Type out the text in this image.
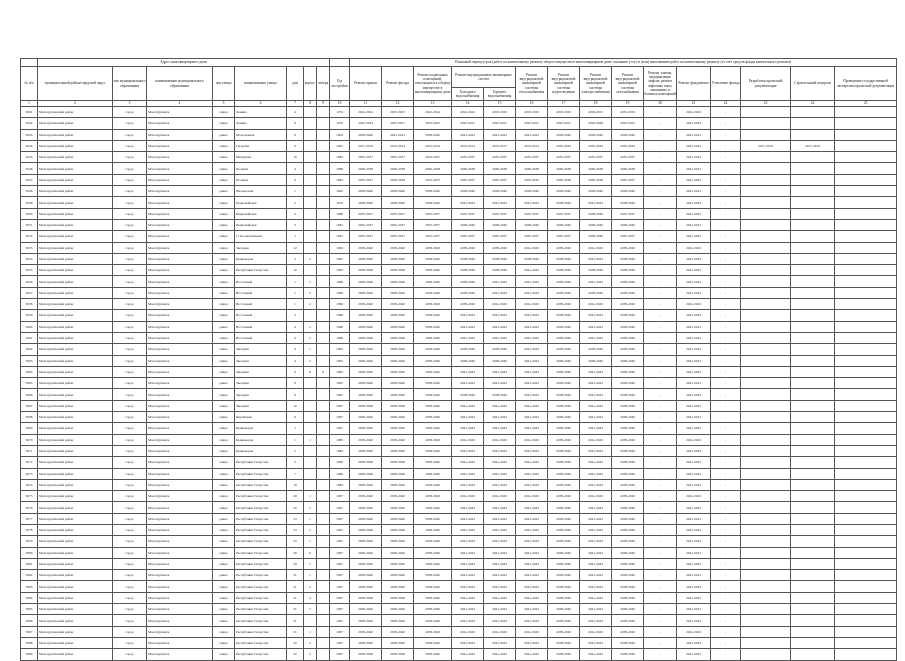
	Адрес многоквартирного дома									Плановый период (срок) работ по капитальному ремонту общего имущества в многоквартирном доме, оказанию услуг и (или) выполнению работ по капитальному ремонту (за счёт средств фонда капитального ремонта)														
№ п/п	муниципальный район/городской округ	тип муниципального образования	наименование муниципального образования	тип улицы	наименование улицы	дом	корпус	литера	Год постройки	Ремонт крыши	Ремонт фасада	Ремонт подвальных помещений, относящихся к общему имуществу в многоквартирном доме	Ремонт внутридомовых инженерных систем		Ремонт внутридомовой инженерной системы теплоснабжения	Ремонт внутридомовой инженерной системы водоотведения	Ремонт внутридомовой инженерной системы электроснабжения	Ремонт внутридомовой инженерной системы газоснабжения	Ремонт, замена, модернизация лифтов, ремонт лифтовых шахт, машинных и блочных помещений	Ремонт фундамента	Утепление фасада	Разработка проектной документации	Строительный контроль	Проведение государственной экспертизы проектной документации
													Холодного водоснабжения	Горячего водоснабжения										
1	2	3	4	5	6	7	8	9	10	11	12	13	14	15	16	17	18	19	20	21	22	23	24	25
5691	Малопургинский район	город	Малопургинск	улица	Ленина	4			1974	2022-2024	2023-2025	2022-2024	2022-2024	2023-2025	2023-2025	2023-2025	2029-2031	2032-2034	-	2041-2043	-			
5642	Малопургинский район	город	Малопургинск	улица	Ленина	9			1970	2022-2024	2025-2027	2023-2025	2025-2027	2025-2027	2025-2027	2025-2027	2026-2028	2023-2025	-	2041-2043	-			
5643	Малопургинский район	город	Малопургинск	улица	Молодежная	9			1994	2038-2040	2041-2043	2038-2040	2041-2043	2041-2043	2041-2043	2038-2040	2038-2040	2038-2040	-	2041-2043	-			
5644	Малопургинский район	город	Малопургинск	улица	Гагарина	6			1967	2017-2019	2012-2014	2012-2014	2012-2014	2015-2017	2012-2014	2032-2034	2032-2034	2032-2034	-	2041-2043	-	2017-2019	2017-2019	
5645	Малопургинский район	город	Малопургинск	улица	Мичурина	10			1983	2035-2037	2035-2037	2035-2037	2035-2037	2035-2037	2035-2037	2035-2037	2035-2037	2035-2037	-	2041-2043	-			
5646	Малопургинский район	город	Малопургинск	улица	Полевая	4			1988	2036-2038	2036-2038	2036-2038	2036-2038	2036-2038	2036-2038	2036-2038	2036-2038	2036-2038	-	2041-2043	-			
5647	Малопургинский район	город	Малопургинск	улица	Полевая	6			1982	2035-2037	2036-2038	2033-2035	2035-2037	2035-2037	2033-2035	2036-2038	2036-2038	2035-2037	-	2041-2043	-			
5648	Малопургинский район	город	Малопургинск	улица	Пионерская	1			1992	2038-2040	2038-2040	2038-2040	2038-2040	2038-2040	2038-2040	2038-2040	2038-2040	2038-2040	-	2041-2043	-			
5649	Малопургинский район	город	Малопургинск	улица	Первомайская	2			1979	2038-2040	2038-2040	2038-2040	2041-2043	2041-2043	2041-2043	2038-2040	2041-2043	2038-2040	-	2041-2043	-			
5650	Малопургинский район	город	Малопургинск	улица	Первомайская	2			1980	2035-2037	2035-2037	2035-2037	2035-2037	2035-2037	2035-2037	2035-2037	2038-2040	2035-2037	-	2041-2043	-			
5651	Малопургинский район	город	Малопургинск	улица	Первомайская	3			1981	2035-2037	2035-2037	2035-2037	2038-2040	2038-2040	2038-2040	2038-2040	2038-2040	2038-2040	-	2041-2043	-			
5652	Малопургинский район	город	Малопургинск	улица	11 Кооперативная	1			1991	2035-2037	2035-2037	2035-2037	2035-2037	2035-2037	2035-2037	2035-2037	2038-2040	2035-2037	-	2041-2043	-			
5653	Малопургинский район	город	Малопургинск	улица	Звездная	12			1994	2038-2040	2038-2040	2038-2040	2038-2040	2038-2040	2041-2043	2038-2040	2041-2043	2038-2040	-	2041-2043	-			
5654	Малопургинский район	город	Малопургинск	улица	Кривокорая	3	2		1995	2038-2040	2038-2040	2038-2040	2038-2040	2038-2040	2038-2040	2038-2040	2041-2043	2038-2040	-	2041-2043	-			
5655	Малопургинский район	город	Малопургинск	улица	Республики Татарстан	10			1995	2038-2040	2038-2040	2038-2040	2038-2040	2038-2040	2041-2043	2038-2040	2038-2040	2038-2040	-	2041-2043	-			
5656	Малопургинский район	город	Малопургинск	улица	Восточный	1	1		1996	2038-2040	2038-2040	2038-2040	2038-2040	2041-2043	2041-2043	2038-2040	2041-2043	2038-2040	-	2041-2043	-			
5657	Малопургинский район	город	Малопургинск	улица	Восточный	1	2		1996	2038-2040	2038-2040	2038-2040	2038-2040	2041-2043	2041-2043	2038-2040	2038-2040	2038-2040	-	2041-2043	-			
5658	Малопургинский район	город	Малопургинск	улица	Восточный	1	2		1996	2038-2040	2038-2040	2038-2040	2038-2040	2041-2043	2041-2043	2038-2040	2041-2043	2038-2040	-	2041-2043	-			
5659	Малопургинский район	город	Малопургинск	улица	Восточный	3			1998	2038-2040	2038-2040	2038-2040	2041-2043	2041-2043	2041-2043	2038-2040	2041-2043	2038-2040	-	2041-2043	-			
5660	Малопургинский район	город	Малопургинск	улица	Восточный	4	2		1996	2038-2040	2038-2040	2038-2040	2041-2043	2041-2043	2041-2043	2038-2040	2041-2043	2038-2040	-	2041-2043	-			
5661	Малопургинский район	город	Малопургинск	улица	Восточный	4	2		1996	2038-2040	2038-2040	2038-2040	2041-2043	2041-2043	2041-2043	2038-2040	2041-2043	2038-2040	-	2041-2043	-			
5662	Малопургинский район	город	Малопургинск	улица	Звездная	4	1		1993	2038-2040	2038-2040	2038-2040	2038-2040	2038-2040	2041-2043	2038-2040	2038-2040	2038-2040	-	2041-2043	-			
5663	Малопургинский район	город	Малопургинск	улица	Звездная	4	2		1993	2038-2040	2038-2040	2038-2040	2038-2040	2038-2040	2041-2043	2038-2040	2038-2040	2038-2040	-	2041-2043	-			
5664	Малопургинский район	город	Малопургинск	улица	Звездная	6	8	9	1995	2038-2040	2038-2040	2038-2040	2041-2043	2041-2043	2041-2043	2038-2040	2041-2043	2038-2040	-	2041-2043	-			
5665	Малопургинский район	город	Малопургинск	улица	Звездная	8			1995	2038-2040	2038-2040	2038-2040	2041-2043	2041-2043	2041-2043	2038-2040	2041-2043	2038-2040	-	2041-2043	-			
5666	Малопургинский район	город	Малопургинск	улица	Звездная	8			1995	2038-2040	2038-2040	2038-2040	2038-2040	2038-2040	2041-2043	2038-2040	2041-2043	2038-2040	-	2041-2043	-			
5667	Малопургинский район	город	Малопургинск	улица	Звездная	10			1997	2038-2040	2038-2040	2038-2040	2041-2043	2041-2043	2041-2043	2038-2040	2041-2043	2038-2040	-	2041-2043	-			
5668	Малопургинский район	город	Малопургинск	улица	Кирпичная	6			1997	2038-2040	2038-2040	2038-2040	2041-2043	2041-2043	2041-2043	2038-2040	2041-2043	2038-2040	-	2041-2043	-			
5669	Малопургинский район	город	Малопургинск	улица	Кривокорая	1			1997	2038-2040	2038-2040	2038-2040	2041-2043	2041-2043	2041-2043	2038-2040	2041-2043	2038-2040	-	2041-2043	-			
5670	Малопургинский район	город	Малопургинск	улица	Кривокорая	1	1		1985	2038-2040	2038-2040	2038-2040	2041-2043	2041-2043	2041-2043	2038-2040	2041-2043	2038-2040	-	2041-2043	-			
5671	Малопургинский район	город	Малопургинск	улица	Кривокорая	5			1984	2038-2040	2038-2040	2038-2040	2041-2043	2041-2043	2041-2043	2038-2040	2041-2043	2038-2040	-	2041-2043	-			
5672	Малопургинский район	город	Малопургинск	улица	Республики Татарстан	5			1990	2038-2040	2038-2040	2038-2040	2041-2043	2041-2043	2041-2043	2038-2040	2041-2043	2038-2040	-	2041-2043	-			
5673	Малопургинский район	город	Малопургинск	улица	Республики Татарстан	7			1986	2038-2040	2038-2040	2038-2040	2041-2043	2041-2043	2041-2043	2038-2040	2041-2043	2038-2040	-	2041-2043	-			
5674	Малопургинский район	город	Малопургинск	улица	Республики Татарстан	19			1984	2038-2040	2038-2040	2038-2040	2041-2043	2041-2043	2041-2043	2038-2040	2041-2043	2038-2040	-	2041-2043	-			
5675	Малопургинский район	город	Малопургинск	улица	Республики Татарстан	20	1		1997	2038-2040	2038-2040	2038-2040	2041-2043	2041-2043	2041-2043	2038-2040	2041-2043	2038-2040	-	2041-2043	-			
5676	Малопургинский район	город	Малопургинск	улица	Республики Татарстан	20	2		1997	2038-2040	2038-2040	2038-2040	2041-2043	2041-2043	2041-2043	2038-2040	2041-2043	2038-2040	-	2041-2043	-			
5677	Малопургинский район	город	Малопургинск	улица	Республики Татарстан	23	1		1997	2038-2040	2038-2040	2038-2040	2041-2043	2041-2043	2041-2043	2038-2040	2041-2043	2038-2040	-	2041-2043	-			
5678	Малопургинский район	город	Малопургинск	улица	Республики Татарстан	23	2		1997	2038-2040	2038-2040	2038-2040	2041-2043	2041-2043	2041-2043	2038-2040	2041-2043	2038-2040	-	2041-2043	-			
5679	Малопургинский район	город	Малопургинск	улица	Республики Татарстан	25	1		1997	2038-2040	2038-2040	2038-2040	2041-2043	2041-2043	2041-2043	2038-2040	2041-2043	2038-2040	-	2041-2043	-			
5680	Малопургинский район	город	Малопургинск	улица	Республики Татарстан	29	6		1997	2038-2040	2038-2040	2038-2040	2041-2043	2041-2043	2041-2043	2038-2040	2041-2043	2038-2040	-	2041-2043	-			
5681	Малопургинский район	город	Малопургинск	улица	Республики Татарстан	29	7		1997	2038-2040	2038-2040	2038-2040	2041-2043	2041-2043	2041-2043	2038-2040	2041-2043	2038-2040	-	2041-2043	-			
5682	Малопургинский район	город	Малопургинск	улица	Республики Татарстан	31	1		1997	2038-2040	2038-2040	2038-2040	2041-2043	2041-2043	2041-2043	2038-2040	2041-2043	2038-2040	-	2041-2043	-			
5683	Малопургинский район	город	Малопургинск	улица	Республики Татарстан	31	2		1997	2038-2040	2038-2040	2038-2040	2041-2043	2041-2043	2041-2043	2038-2040	2041-2043	2038-2040	-	2041-2043	-			
5684	Малопургинский район	город	Малопургинск	улица	Республики Татарстан	31	4		1997	2038-2040	2038-2040	2038-2040	2041-2043	2041-2043	2041-2043	2038-2040	2041-2043	2038-2040	-	2041-2043	-			
5685	Малопургинский район	город	Малопургинск	улица	Республики Татарстан	31	5		1997	2038-2040	2038-2040	2038-2040	2041-2043	2041-2043	2041-2043	2038-2040	2041-2043	2038-2040	-	2041-2043	-			
5686	Малопургинский район	город	Малопургинск	улица	Республики Татарстан	31			1997	2038-2040	2038-2040	2038-2040	2041-2043	2041-2043	2041-2043	2038-2040	2041-2043	2038-2040	-	2041-2043	-			
5687	Малопургинский район	город	Малопургинск	улица	Республики Татарстан	31	1		1997	2038-2040	2038-2040	2038-2040	2041-2043	2041-2043	2041-2043	2038-2040	2041-2043	2038-2040	-	2041-2043	-			
5688	Малопургинский район	город	Малопургинск	улица	Республики Татарстан	32	2		1997	2038-2040	2038-2040	2038-2040	2041-2043	2041-2043	2041-2043	2038-2040	2041-2043	2038-2040	-	2041-2043	-			
5689	Малопургинский район	город	Малопургинск	улица	Республики Татарстан	32	3		1997	2038-2040	2038-2040	2038-2040	2041-2043	2041-2043	2041-2043	2038-2040	2041-2043	2038-2040	-	2041-2043	-			
